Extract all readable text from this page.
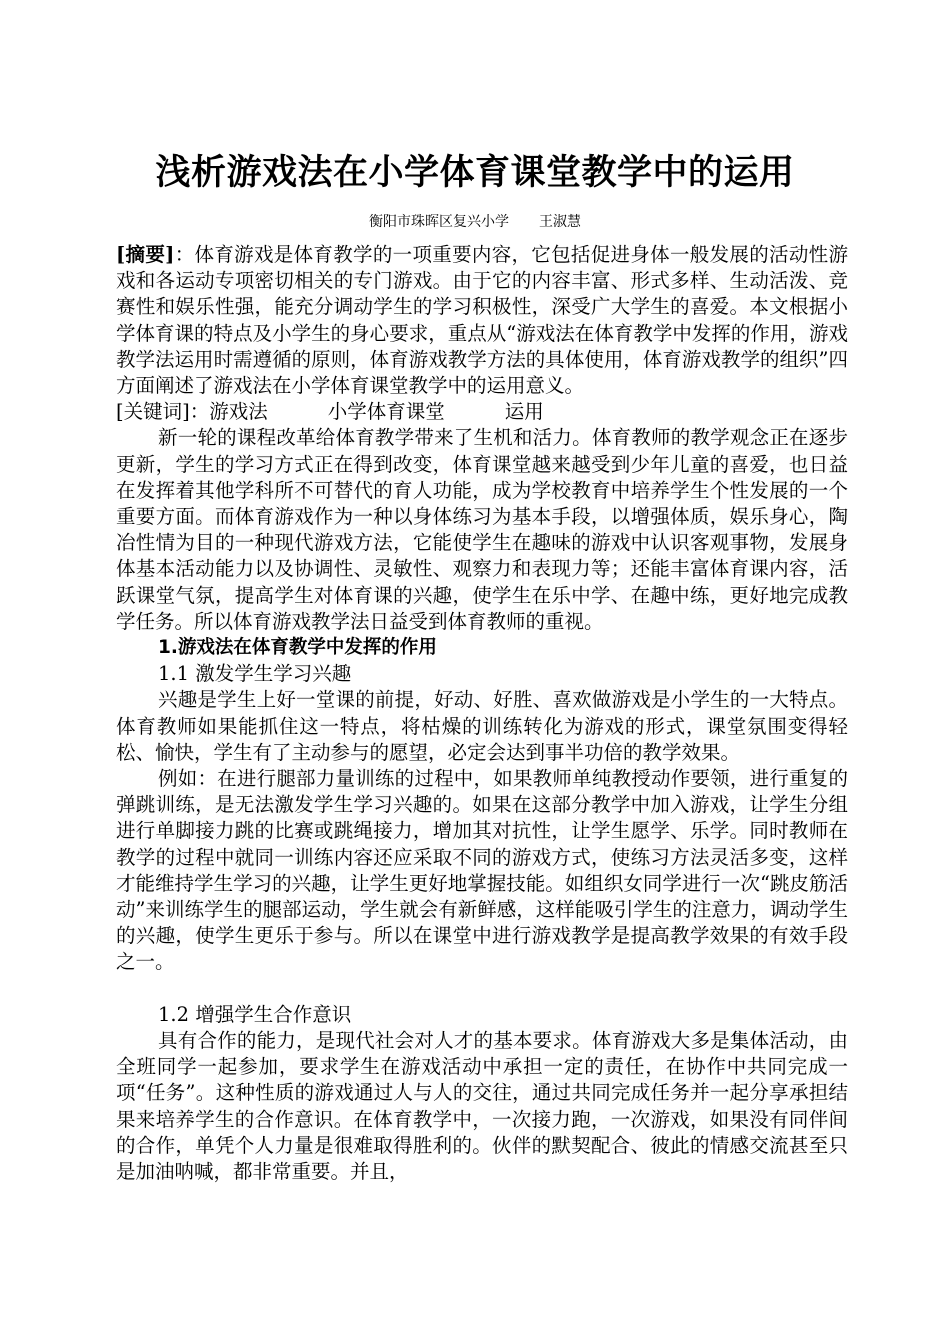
浅析游戏法在小学体育课堂教学中的运用
衡阳市珠晖区复兴小学 王淑慧

[摘要]：体育游戏是体育教学的一项重要内容，它包括促进身体一般发展的活动性游戏和各运动专项密切相关的专门游戏。由于它的内容丰富、形式多样、生动活泼、竞赛性和娱乐性强，能充分调动学生的学习积极性，深受广大学生的喜爱。本文根据小学体育课的特点及小学生的身心要求，重点从“游戏法在体育教学中发挥的作用，游戏教学法运用时需遵循的原则，体育游戏教学方法的具体使用，体育游戏教学的组织”四方面阐述了游戏法在小学体育课堂教学中的运用意义。

[关键词]：游戏法	小学体育课堂	运用

新一轮的课程改革给体育教学带来了生机和活力。体育教师的教学观念正在逐步更新，学生的学习方式正在得到改变，体育课堂越来越受到少年儿童的喜爱，也日益在发挥着其他学科所不可替代的育人功能，成为学校教育中培养学生个性发展的一个重要方面。而体育游戏作为一种以身体练习为基本手段，以增强体质，娱乐身心，陶冶性情为目的一种现代游戏方法，它能使学生在趣味的游戏中认识客观事物，发展身体基本活动能力以及协调性、灵敏性、观察力和表现力等；还能丰富体育课内容，活跃课堂气氛，提高学生对体育课的兴趣，使学生在乐中学、在趣中练，更好地完成教学任务。所以体育游戏教学法日益受到体育教师的重视。

1.游戏法在体育教学中发挥的作用

1.1 激发学生学习兴趣

兴趣是学生上好一堂课的前提，好动、好胜、喜欢做游戏是小学生的一大特点。体育教师如果能抓住这一特点，将枯燥的训练转化为游戏的形式，课堂氛围变得轻松、愉快，学生有了主动参与的愿望，必定会达到事半功倍的教学效果。

例如：在进行腿部力量训练的过程中，如果教师单纯教授动作要领，进行重复的弹跳训练，是无法激发学生学习兴趣的。如果在这部分教学中加入游戏，让学生分组进行单脚接力跳的比赛或跳绳接力，增加其对抗性，让学生愿学、乐学。同时教师在教学的过程中就同一训练内容还应采取不同的游戏方式，使练习方法灵活多变，这样才能维持学生学习的兴趣，让学生更好地掌握技能。如组织女同学进行一次“跳皮筋活动”来训练学生的腿部运动，学生就会有新鲜感，这样能吸引学生的注意力，调动学生的兴趣，使学生更乐于参与。所以在课堂中进行游戏教学是提高教学效果的有效手段之一。

1.2 增强学生合作意识

具有合作的能力，是现代社会对人才的基本要求。体育游戏大多是集体活动，由全班同学一起参加，要求学生在游戏活动中承担一定的责任，在协作中共同完成一项“任务”。这种性质的游戏通过人与人的交往，通过共同完成任务并一起分享承担结果来培养学生的合作意识。在体育教学中，一次接力跑，一次游戏，如果没有同伴间的合作，单凭个人力量是很难取得胜利的。伙伴的默契配合、彼此的情感交流甚至只是加油呐喊，都非常重要。并且，
